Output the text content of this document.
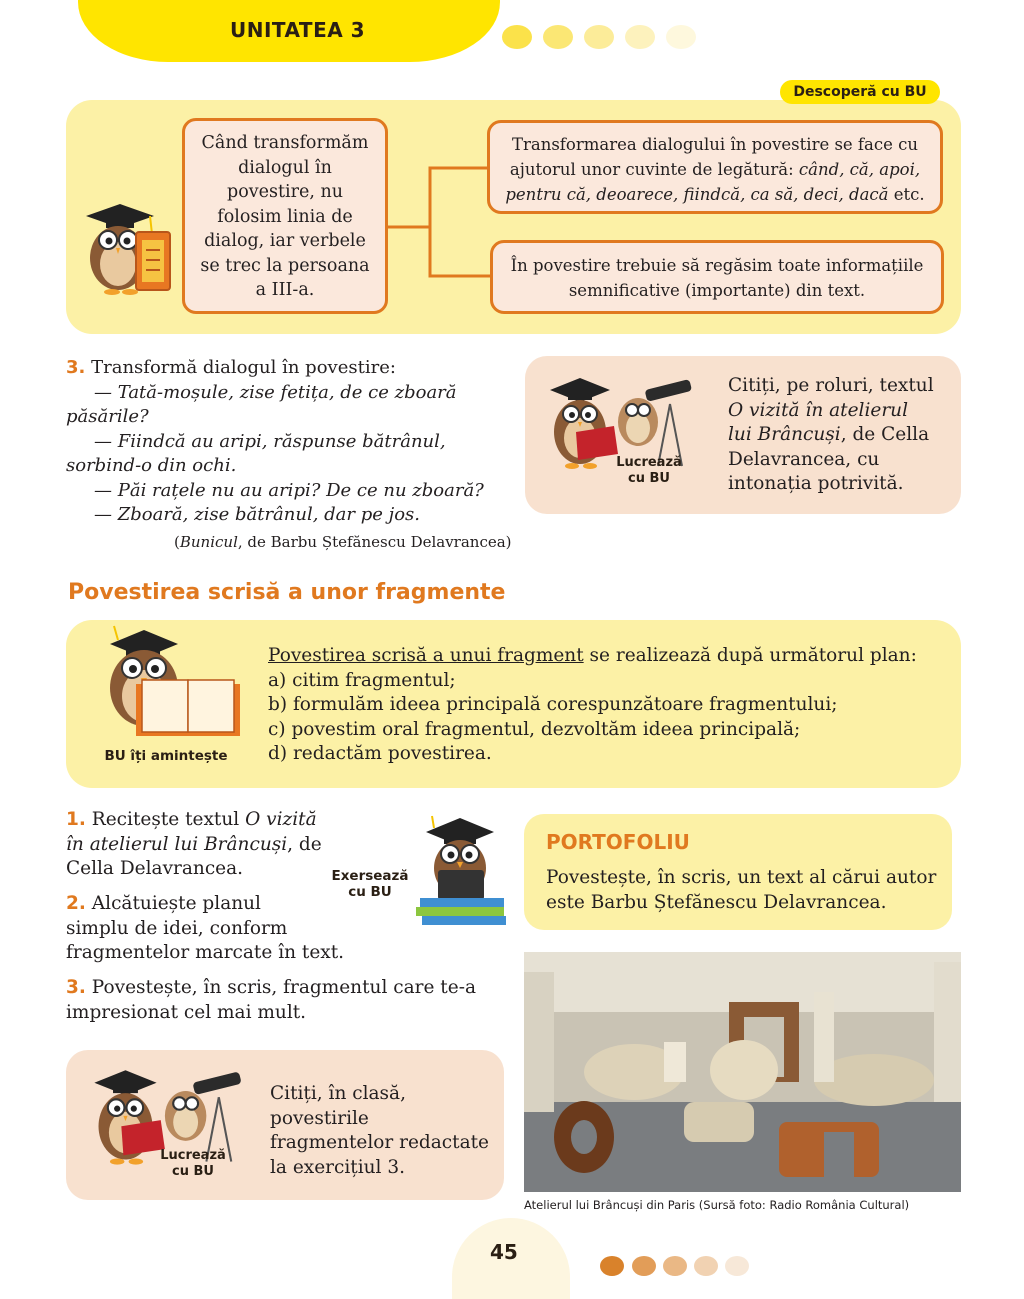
UNITATEA 3
Descoperă cu BU
Când transformăm dialogul în povestire, nu folosim linia de dialog, iar verbele se trec la persoana a III-a.
Transformarea dialogului în povestire se face cu ajutorul unor cuvinte de legătură: când, că, apoi, pentru că, deoarece, fiindcă, ca să, deci, dacă etc.
În povestire trebuie să regăsim toate informațiile semnificative (importante) din text.
3. Transformă dialogul în povestire:
— Tată-moșule, zise fetița, de ce zboară
păsările?
— Fiindcă au aripi, răspunse bătrânul,
sorbind-o din ochi.
— Păi rațele nu au aripi? De ce nu zboară?
— Zboară, zise bătrânul, dar pe jos.
(Bunicul, de Barbu Ștefănescu Delavrancea)
Lucrează
cu BU
Citiți, pe roluri, textul
O vizită în atelierul
lui Brâncuși, de Cella
Delavrancea, cu
intonația potrivită.
Povestirea scrisă a unor fragmente
BU îți amintește
Povestirea scrisă a unui fragment se realizează după următorul plan:
a) citim fragmentul;
b) formulăm ideea principală corespunzătoare fragmentului;
c) povestim oral fragmentul, dezvoltăm ideea principală;
d) redactăm povestirea.
1. Recitește textul O vizită
în atelierul lui Brâncuși, de
Cella Delavrancea.
2. Alcătuiește planul
simplu de idei, conform
fragmentelor marcate în text.
3. Povestește, în scris, fragmentul care te-a
impresionat cel mai mult.
Exersează
cu BU
PORTOFOLIU
Povestește, în scris, un text al cărui autor
este Barbu Ștefănescu Delavrancea.
Atelierul lui Brâncuși din Paris (Sursă foto: Radio România Cultural)
Lucrează
cu BU
Citiți, în clasă,
povestirile
fragmentelor redactate
la exercițiul 3.
45
